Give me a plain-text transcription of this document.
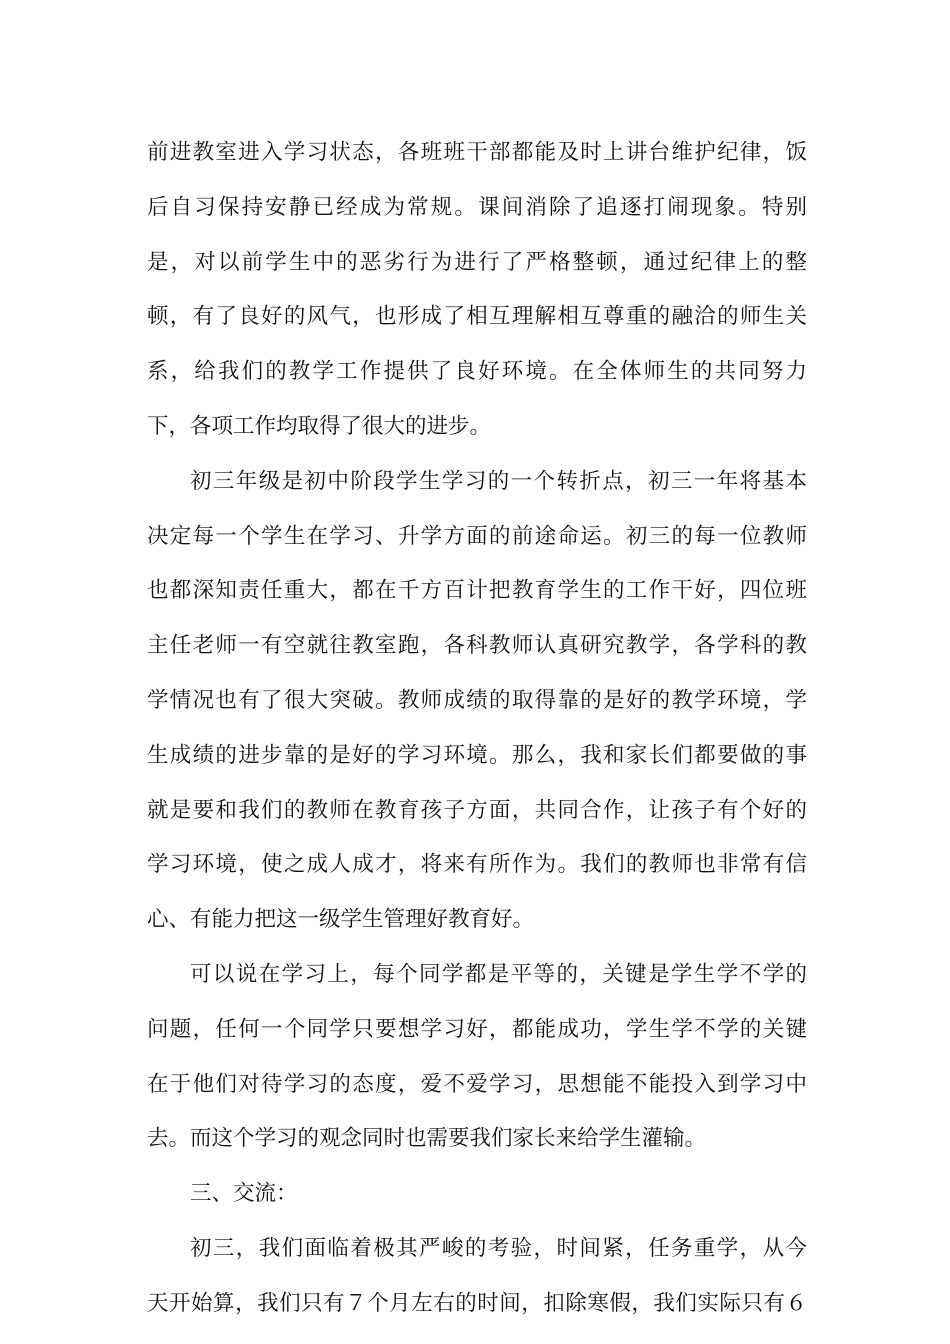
前进教室进入学习状态，各班班干部都能及时上讲台维护纪律，饭
后自习保持安静已经成为常规。课间消除了追逐打闹现象。特别
是，对以前学生中的恶劣行为进行了严格整顿，通过纪律上的整
顿，有了良好的风气，也形成了相互理解相互尊重的融洽的师生关
系，给我们的教学工作提供了良好环境。在全体师生的共同努力
下，各项工作均取得了很大的进步。
初三年级是初中阶段学生学习的一个转折点，初三一年将基本
决定每一个学生在学习、升学方面的前途命运。初三的每一位教师
也都深知责任重大，都在千方百计把教育学生的工作干好，四位班
主任老师一有空就往教室跑，各科教师认真研究教学，各学科的教
学情况也有了很大突破。教师成绩的取得靠的是好的教学环境，学
生成绩的进步靠的是好的学习环境。那么，我和家长们都要做的事
就是要和我们的教师在教育孩子方面，共同合作，让孩子有个好的
学习环境，使之成人成才，将来有所作为。我们的教师也非常有信
心、有能力把这一级学生管理好教育好。
可以说在学习上，每个同学都是平等的，关键是学生学不学的
问题，任何一个同学只要想学习好，都能成功，学生学不学的关键
在于他们对待学习的态度，爱不爱学习，思想能不能投入到学习中
去。而这个学习的观念同时也需要我们家长来给学生灌输。
三、交流：
初三，我们面临着极其严峻的考验，时间紧，任务重学，从今
天开始算，我们只有７个月左右的时间，扣除寒假，我们实际只有６
